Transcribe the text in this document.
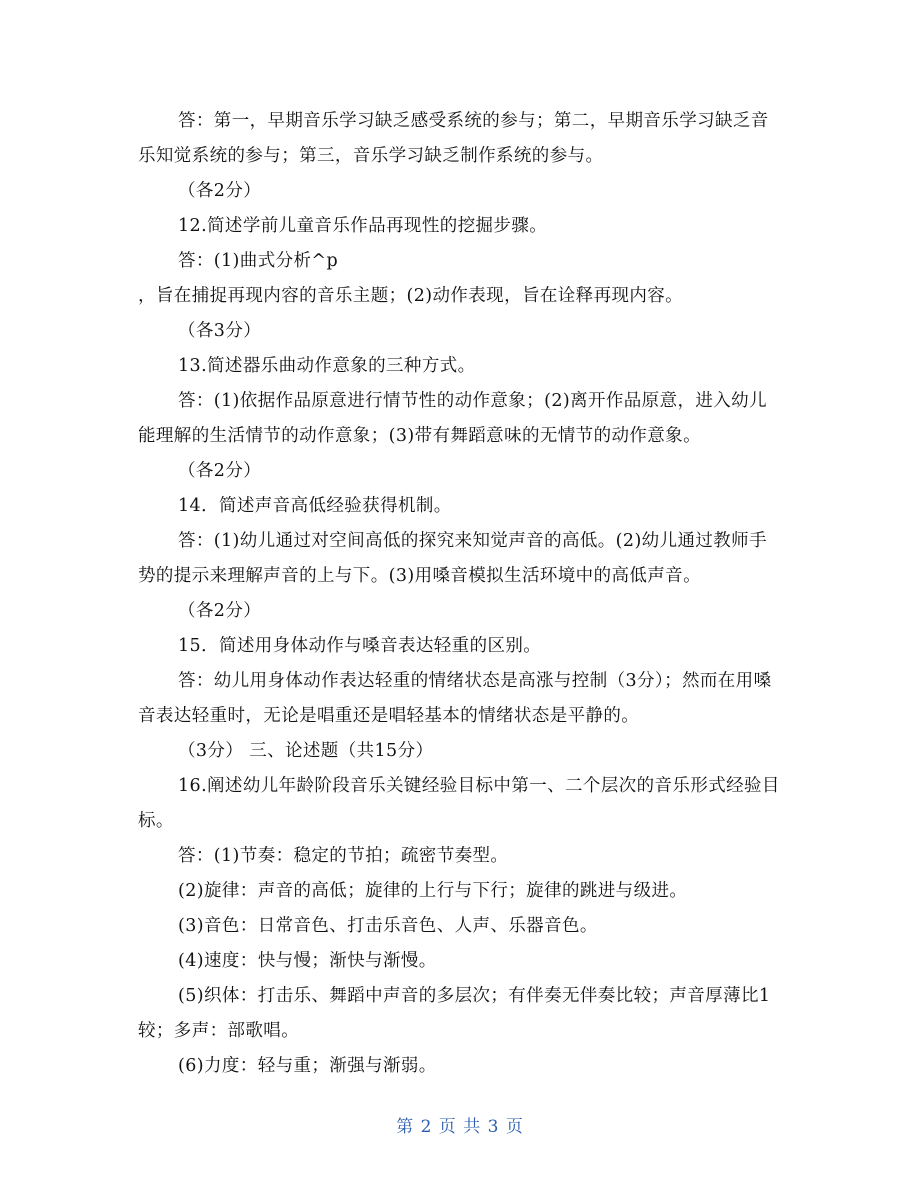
答：第一，早期音乐学习缺乏感受系统的参与；第二，早期音乐学习缺乏音
乐知觉系统的参与；第三，音乐学习缺乏制作系统的参与。
（各2分）
12.简述学前儿童音乐作品再现性的挖掘步骤。
答：(1)曲式分析^p
，旨在捕捉再现内容的音乐主题；(2)动作表现，旨在诠释再现内容。
（各3分）
13.简述器乐曲动作意象的三种方式。
答：(1)依据作品原意进行情节性的动作意象；(2)离开作品原意，进入幼儿
能理解的生活情节的动作意象；(3)带有舞蹈意味的无情节的动作意象。
（各2分）
14．简述声音高低经验获得机制。
答：(1)幼儿通过对空间高低的探究来知觉声音的高低。(2)幼儿通过教师手
势的提示来理解声音的上与下。(3)用嗓音模拟生活环境中的高低声音。
（各2分）
15．简述用身体动作与嗓音表达轻重的区别。
答：幼儿用身体动作表达轻重的情绪状态是高涨与控制（3分）；然而在用嗓
音表达轻重时，无论是唱重还是唱轻基本的情绪状态是平静的。
（3分） 三、论述题（共15分）
16.阐述幼儿年龄阶段音乐关键经验目标中第一、二个层次的音乐形式经验目
标。
答：(1)节奏：稳定的节拍；疏密节奏型。
(2)旋律：声音的高低；旋律的上行与下行；旋律的跳进与级进。
(3)音色：日常音色、打击乐音色、人声、乐器音色。
(4)速度：快与慢；渐快与渐慢。
(5)织体：打击乐、舞蹈中声音的多层次；有伴奏无伴奏比较；声音厚薄比1
较；多声：部歌唱。
(6)力度：轻与重；渐强与渐弱。
第 2 页 共 3 页
